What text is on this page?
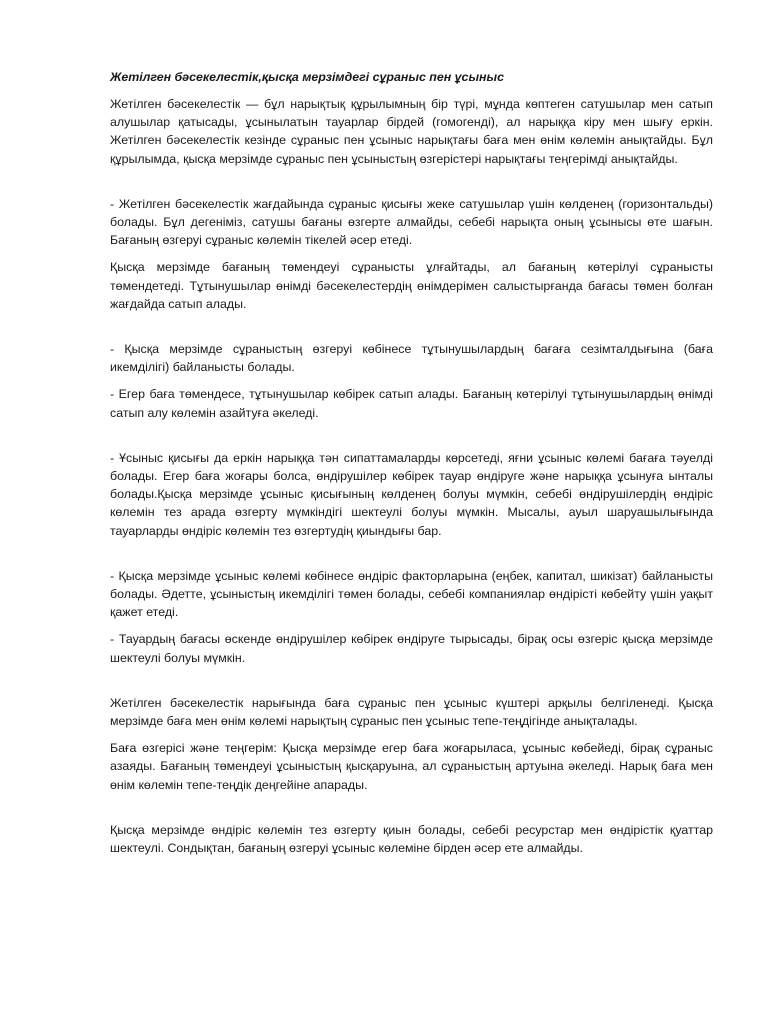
Жетілген бәсекелестік,қысқа мерзімдегі сұраныс пен ұсыныс

Жетілген бәсекелестік — бұл нарықтық құрылымның бір түрі, мұнда көптеген сатушылар мен сатып алушылар қатысады, ұсынылатын тауарлар бірдей (гомогенді), ал нарыққа кіру мен шығу еркін. Жетілген бәсекелестік кезінде сұраныс пен ұсыныс нарықтағы баға мен өнім көлемін анықтайды. Бұл құрылымда, қысқа мерзімде сұраныс пен ұсыныстың өзгерістері нарықтағы теңгерімді анықтайды.

- Жетілген бәсекелестік жағдайында сұраныс қисығы жеке сатушылар үшін көлденең (горизонтальды) болады. Бұл дегеніміз, сатушы бағаны өзгерте алмайды, себебі нарықта оның ұсынысы өте шағын. Бағаның өзгеруі сұраныс көлемін тікелей әсер етеді.

Қысқа мерзімде бағаның төмендеуі сұранысты ұлғайтады, ал бағаның көтерілуі сұранысты төмендетеді. Тұтынушылар өнімді бәсекелестердің өнімдерімен салыстырғанда бағасы төмен болған жағдайда сатып алады.

- Қысқа мерзімде сұраныстың өзгеруі көбінесе тұтынушылардың бағаға сезімталдығына (баға икемділігі) байланысты болады.

- Егер баға төмендесе, тұтынушылар көбірек сатып алады. Бағаның көтерілуі тұтынушылардың өнімді сатып алу көлемін азайтуға әкеледі.

- Ұсыныс қисығы да еркін нарыққа тән сипаттамаларды көрсетеді, яғни ұсыныс көлемі бағаға тәуелді болады. Егер баға жоғары болса, өндірушілер көбірек тауар өндіруге және нарыққа ұсынуға ынталы болады.Қысқа мерзімде ұсыныс қисығының көлденең болуы мүмкін, себебі өндірушілердің өндіріс көлемін тез арада өзгерту мүмкіндігі шектеулі болуы мүмкін. Мысалы, ауыл шаруашылығында тауарларды өндіріс көлемін тез өзгертудің қиындығы бар.

- Қысқа мерзімде ұсыныс көлемі көбінесе өндіріс факторларына (еңбек, капитал, шикізат) байланысты болады. Әдетте, ұсыныстың икемділігі төмен болады, себебі компаниялар өндірісті көбейту үшін уақыт қажет етеді.

- Тауардың бағасы өскенде өндірушілер көбірек өндіруге тырысады, бірақ осы өзгеріс қысқа мерзімде шектеулі болуы мүмкін.

Жетілген бәсекелестік нарығында баға сұраныс пен ұсыныс күштері арқылы белгіленеді. Қысқа мерзімде баға мен өнім көлемі нарықтың сұраныс пен ұсыныс тепе-теңдігінде анықталады.

Баға өзгерісі және теңгерім: Қысқа мерзімде егер баға жоғарыласа, ұсыныс көбейеді, бірақ сұраныс азаяды. Бағаның төмендеуі ұсыныстың қысқаруына, ал сұраныстың артуына әкеледі. Нарық баға мен өнім көлемін тепе-теңдік деңгейіне апарады.

Қысқа мерзімде өндіріс көлемін тез өзгерту қиын болады, себебі ресурстар мен өндірістік қуаттар шектеулі. Сондықтан, бағаның өзгеруі ұсыныс көлеміне бірден әсер ете алмайды.
